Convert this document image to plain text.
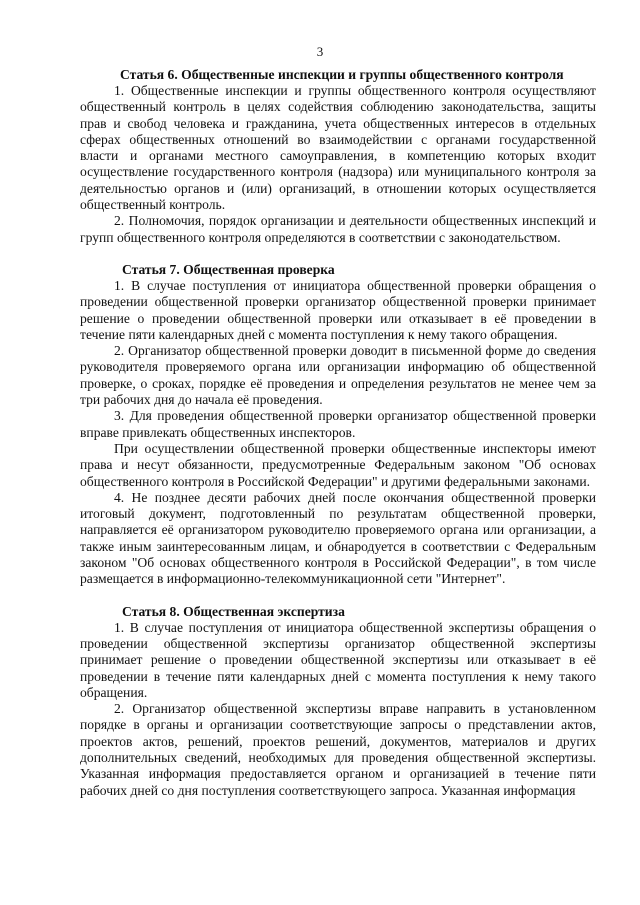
3
Статья 6. Общественные инспекции и группы общественного контроля

1. Общественные инспекции и группы общественного контроля осуществляют общественный контроль в целях содействия соблюдению законодательства, защиты прав и свобод человека и гражданина, учета общественных интересов в отдельных сферах общественных отношений во взаимодействии с органами государственной власти и органами местного самоуправления, в компетенцию которых входит осуществление государственного контроля (надзора) или муниципального контроля за деятельностью органов и (или) организаций, в отношении которых осуществляется общественный контроль.

2. Полномочия, порядок организации и деятельности общественных инспекций и групп общественного контроля определяются в соответствии с законодательством.

Статья 7. Общественная проверка

1. В случае поступления от инициатора общественной проверки обращения о проведении общественной проверки организатор общественной проверки принимает решение о проведении общественной проверки или отказывает в её проведении в течение пяти календарных дней с момента поступления к нему такого обращения.

2. Организатор общественной проверки доводит в письменной форме до сведения руководителя проверяемого органа или организации информацию об общественной проверке, о сроках, порядке её проведения и определения результатов не менее чем за три рабочих дня до начала её проведения.

3. Для проведения общественной проверки организатор общественной проверки вправе привлекать общественных инспекторов.

При осуществлении общественной проверки общественные инспекторы имеют права и несут обязанности, предусмотренные Федеральным законом "Об основах общественного контроля в Российской Федерации" и другими федеральными законами.

4. Не позднее десяти рабочих дней после окончания общественной проверки итоговый документ, подготовленный по результатам общественной проверки, направляется её организатором руководителю проверяемого органа или организации, а также иным заинтересованным лицам, и обнародуется в соответствии с Федеральным законом "Об основах общественного контроля в Российской Федерации", в том числе размещается в информационно-телекоммуникационной сети "Интернет".

Статья 8. Общественная экспертиза

1. В случае поступления от инициатора общественной экспертизы обращения о проведении общественной экспертизы организатор общественной экспертизы принимает решение о проведении общественной экспертизы или отказывает в её проведении в течение пяти календарных дней с момента поступления к нему такого обращения.

2. Организатор общественной экспертизы вправе направить в установленном порядке в органы и организации соответствующие запросы о представлении актов, проектов актов, решений, проектов решений, документов, материалов и других дополнительных сведений, необходимых для проведения общественной экспертизы. Указанная информация предоставляется органом и организацией в течение пяти рабочих дней со дня поступления соответствующего запроса. Указанная информация
